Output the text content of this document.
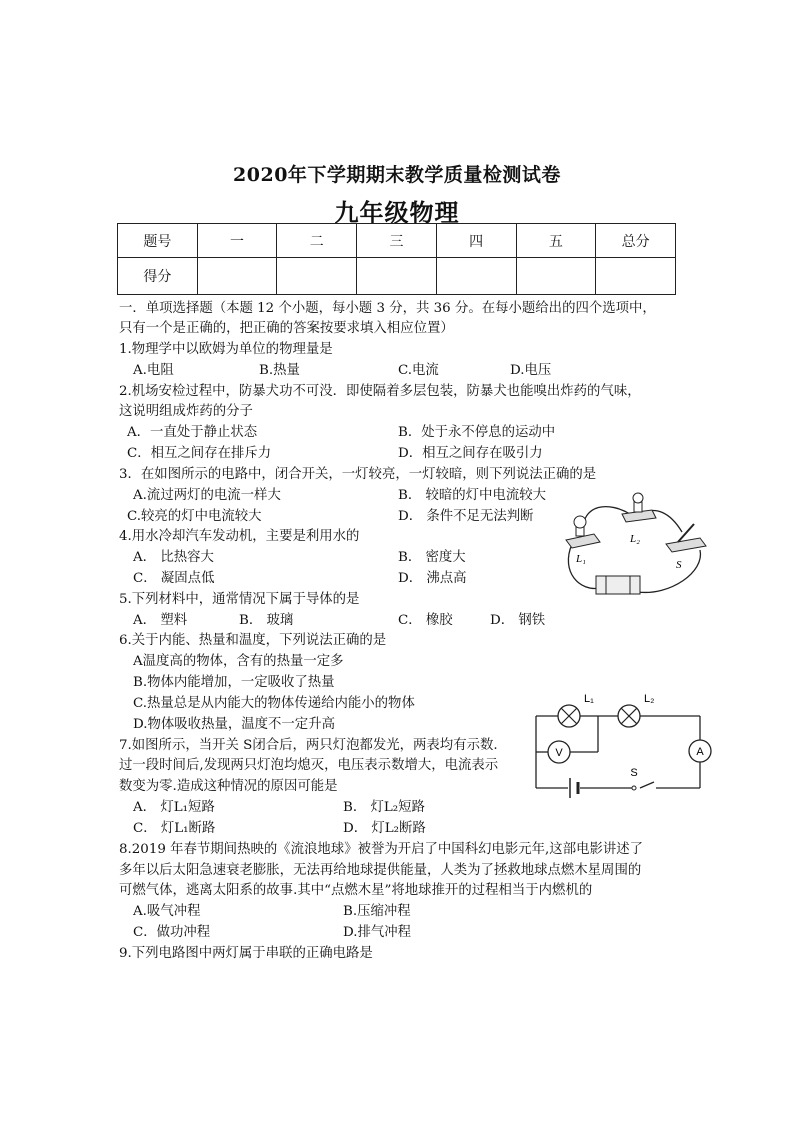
2020年下学期期末教学质量检测试卷
九年级物理
题号	一	二	三	四	五	总分
得分						
一．单项选择题（本题 12 个小题，每小题 3 分，共 36 分。在每小题给出的四个选项中，
只有一个是正确的，把正确的答案按要求填入相应位置）
1.物理学中以欧姆为单位的物理量是
A.电阻	B.热量	C.电流	D.电压
2.机场安检过程中，防暴犬功不可没．即使隔着多层包装，防暴犬也能嗅出炸药的气味，
这说明组成炸药的分子
A．一直处于静止状态	B．处于永不停息的运动中
C．相互之间存在排斥力	D．相互之间存在吸引力
3．在如图所示的电路中，闭合开关，一灯较亮，一灯较暗，则下列说法正确的是
A.流过两灯的电流一样大	B． 较暗的灯中电流较大
C.较亮的灯中电流较大	D． 条件不足无法判断
4.用水冷却汽车发动机，主要是利用水的
A． 比热容大	B． 密度大
C． 凝固点低	D． 沸点高
5.下列材料中，通常情况下属于导体的是
A． 塑料	B． 玻璃	C． 橡胶	D． 钢铁
6.关于内能、热量和温度，下列说法正确的是
A温度高的物体，含有的热量一定多
B.物体内能增加，一定吸收了热量
C.热量总是从内能大的物体传递给内能小的物体
D.物体吸收热量，温度不一定升高
7.如图所示，当开关 S闭合后，两只灯泡都发光，两表均有示数.
过一段时间后,发现两只灯泡均熄灭，电压表示数增大，电流表示
数变为零.造成这种情况的原因可能是
A． 灯L₁短路	B． 灯L₂短路
C． 灯L₁断路	D． 灯L₂断路
8.2019 年春节期间热映的《流浪地球》被誉为开启了中国科幻电影元年,这部电影讲述了
多年以后太阳急速衰老膨胀，无法再给地球提供能量，人类为了拯救地球点燃木星周围的
可燃气体，逃离太阳系的故事.其中“点燃木星”将地球推开的过程相当于内燃机的
A.吸气冲程	B.压缩冲程
C．做功冲程	D.排气冲程
9.下列电路图中两灯属于串联的正确电路是
L₁
L₂
S
V	A
S
L₁	L₂
